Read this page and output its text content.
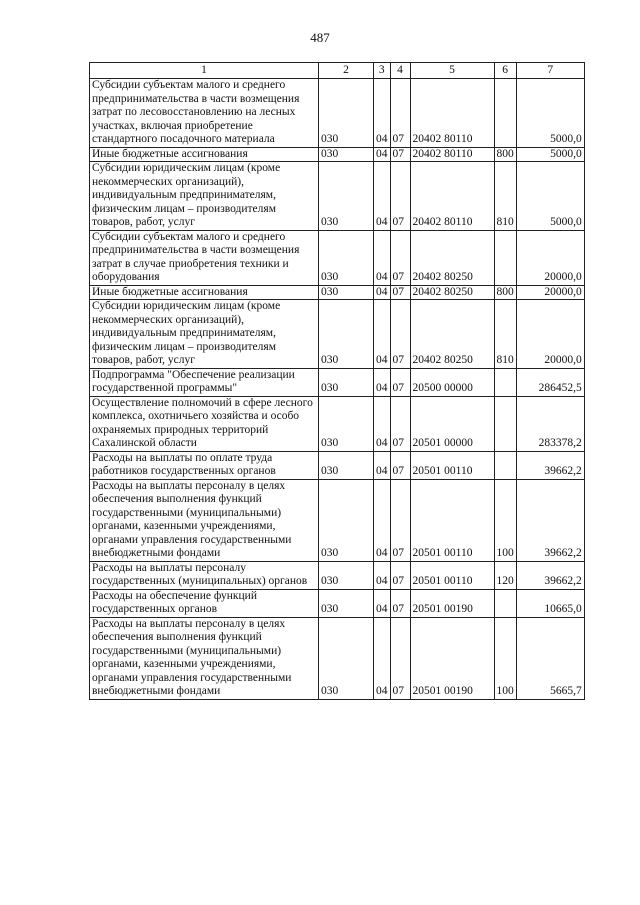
487
1	2	3	4	5	6	7
Субсидии субъектам малого и среднего предпринимательства в части возмещения затрат по лесовосстановлению на лесных участках, включая приобретение стандартного посадочного материала	030	04	07	20402 80110		5000,0
Иные бюджетные ассигнования	030	04	07	20402 80110	800	5000,0
Субсидии юридическим лицам (кроме некоммерческих организаций), индивидуальным предпринимателям, физическим лицам – производителям товаров, работ, услуг	030	04	07	20402 80110	810	5000,0
Субсидии субъектам малого и среднего предпринимательства в части возмещения затрат в случае приобретения техники и оборудования	030	04	07	20402 80250		20000,0
Иные бюджетные ассигнования	030	04	07	20402 80250	800	20000,0
Субсидии юридическим лицам (кроме некоммерческих организаций), индивидуальным предпринимателям, физическим лицам – производителям товаров, работ, услуг	030	04	07	20402 80250	810	20000,0
Подпрограмма "Обеспечение реализации государственной программы"	030	04	07	20500 00000		286452,5
Осуществление полномочий в сфере лесного комплекса, охотничьего хозяйства и особо охраняемых природных территорий Сахалинской области	030	04	07	20501 00000		283378,2
Расходы на выплаты по оплате труда работников государственных органов	030	04	07	20501 00110		39662,2
Расходы на выплаты персоналу в целях обеспечения выполнения функций государственными (муниципальными) органами, казенными учреждениями, органами управления государственными внебюджетными фондами	030	04	07	20501 00110	100	39662,2
Расходы на выплаты персоналу государственных (муниципальных) органов	030	04	07	20501 00110	120	39662,2
Расходы на обеспечение функций государственных органов	030	04	07	20501 00190		10665,0
Расходы на выплаты персоналу в целях обеспечения выполнения функций государственными (муниципальными) органами, казенными учреждениями, органами управления государственными внебюджетными фондами	030	04	07	20501 00190	100	5665,7
